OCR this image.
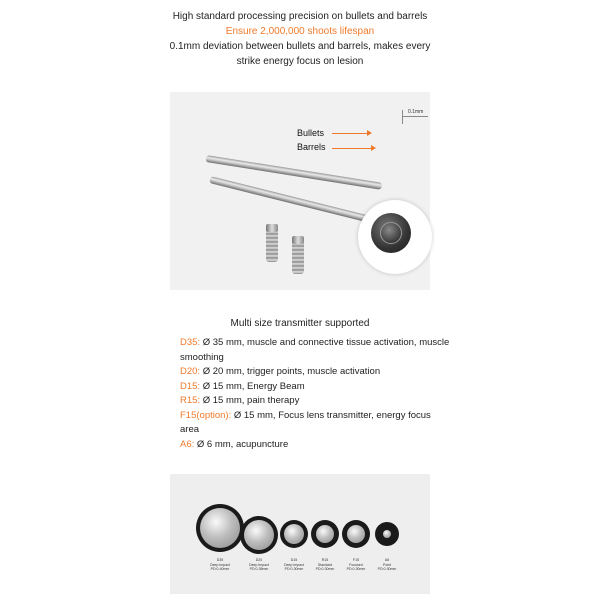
High standard processing precision on bullets and barrels
Ensure 2,000,000 shoots lifespan
0.1mm deviation between bullets and barrels, makes every
strike energy focus on lesion
0.1mm
Bullets
Barrels
Multi size transmitter supported

D35: Ø 35 mm, muscle and connective tissue activation, muscle smoothing

D20: Ø 20 mm, trigger points, muscle activation

D15: Ø 15 mm, Energy Beam

R15: Ø 15 mm, pain therapy

F15(option): Ø 15 mm, Focus lens transmitter, energy focus area

A6: Ø 6 mm, acupuncture

D35
Deep Impact
PD:0-40mm
D20
Deep Impact
PD:0-35mm
D15
Deep Impact
PD:0-30mm
R15
Standard
PD:0-30mm
F15
Focused
PD:0-30mm
A6
Point
PD:0-30mm
